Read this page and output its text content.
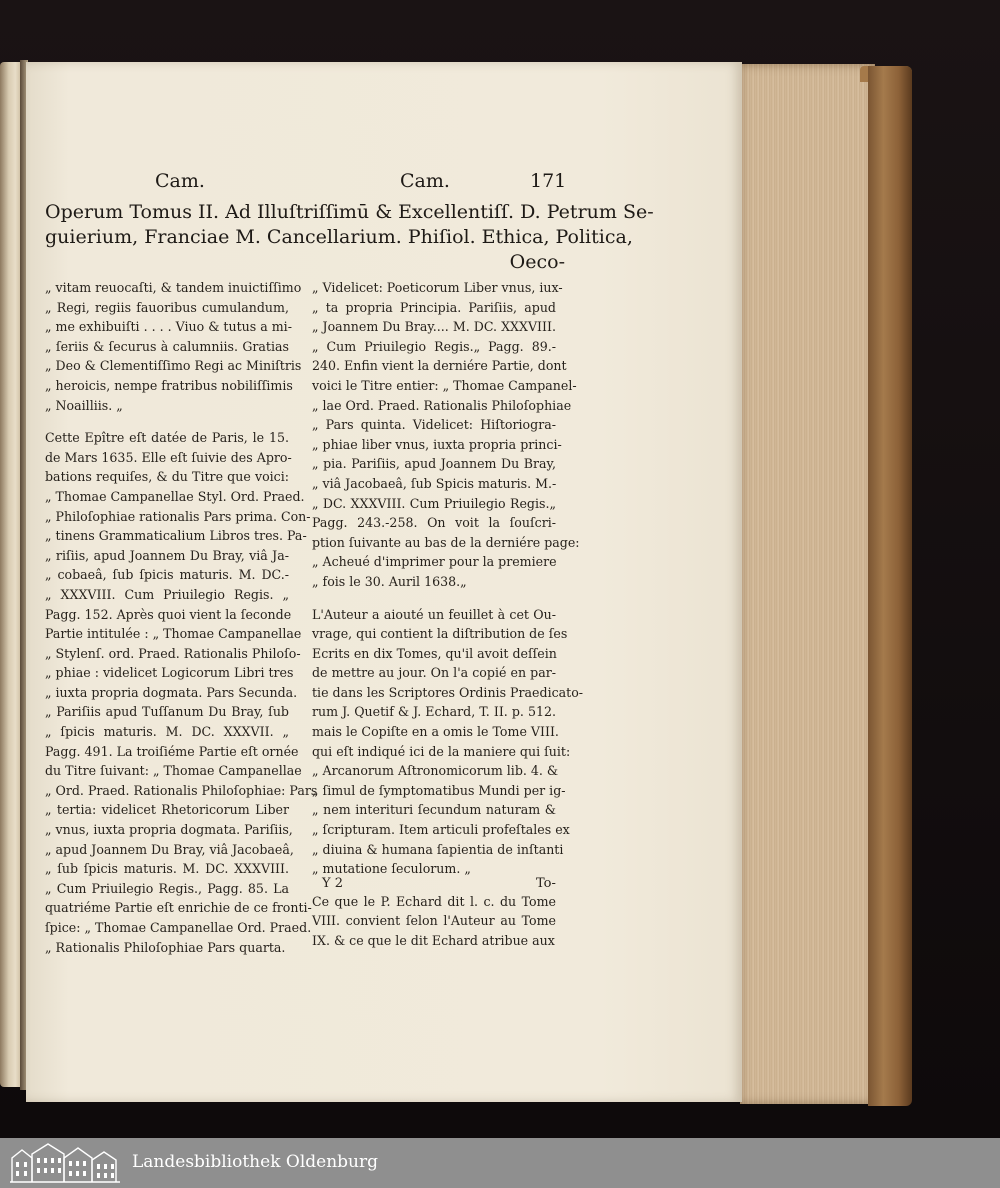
Cam.	Cam.	171
Operum Tomus II. Ad Illuſtriſſimū & Excellentiſſ. D. Petrum Se-
guierium, Franciae M. Cancellarium. Phiſiol. Ethica, Politica,
Oeco-
„ vitam reuocaſti, & tandem inuictiſſimo
„ Regi, regiis fauoribus cumulandum,
„ me exhibuiſti . . . . Viuo & tutus a mi-
„ ſeriis & ſecurus à calumniis. Gratias
„ Deo & Clementiſſimo Regi ac Miniſtris
„ heroicis, nempe fratribus nobiliſſimis
„ Noailliis. „
Cette Epître eſt datée de Paris, le 15.
de Mars 1635. Elle eſt ſuivie des Apro-
bations requiſes, & du Titre que voici:
„ Thomae Campanellae Styl. Ord. Praed.
„ Philoſophiae rationalis Pars prima. Con-
„ tinens Grammaticalium Libros tres. Pa-
„ riſiis, apud Joannem Du Bray, viâ Ja-
„ cobaeâ, ſub ſpicis maturis. M. DC.-
„ XXXVIII. Cum Priuilegio Regis. „
Pagg. 152. Après quoi vient la ſeconde
Partie intitulée : „ Thomae Campanellae
„ Stylenſ. ord. Praed. Rationalis Philoſo-
„ phiae : videlicet Logicorum Libri tres
„ iuxta propria dogmata. Pars Secunda.
„ Pariſiis apud Tuſſanum Du Bray, ſub
„ ſpicis maturis. M. DC. XXXVII. „
Pagg. 491. La troiſiéme Partie eſt ornée
du Titre ſuivant: „ Thomae Campanellae
„ Ord. Praed. Rationalis Philoſophiae: Pars
„ tertia: videlicet Rhetoricorum Liber
„ vnus, iuxta propria dogmata. Pariſiis,
„ apud Joannem Du Bray, viâ Jacobaeâ,
„ ſub ſpicis maturis. M. DC. XXXVIII.
„ Cum Priuilegio Regis., Pagg. 85. La
quatriéme Partie eſt enrichie de ce fronti-
ſpice: „ Thomae Campanellae Ord. Praed.
„ Rationalis Philoſophiae Pars quarta.
„ Videlicet: Poeticorum Liber vnus, iux-
„ ta propria Principia. Pariſiis, apud
„ Joannem Du Bray.... M. DC. XXXVIII.
„ Cum Priuilegio Regis.„ Pagg. 89.-
240. Enfin vient la derniére Partie, dont
voici le Titre entier: „ Thomae Campanel-
„ lae Ord. Praed. Rationalis Philoſophiae
„ Pars quinta. Videlicet: Hiſtoriogra-
„ phiae liber vnus, iuxta propria princi-
„ pia. Pariſiis, apud Joannem Du Bray,
„ viâ Jacobaeâ, ſub Spicis maturis. M.-
„ DC. XXXVIII. Cum Priuilegio Regis.„
Pagg. 243.-258. On voit la ſouſcri-
ption ſuivante au bas de la derniére page:
„ Acheué d'imprimer pour la premiere
„ fois le 30. Auril 1638.„
L'Auteur a aiouté un feuillet à cet Ou-
vrage, qui contient la diſtribution de ſes
Ecrits en dix Tomes, qu'il avoit deſſein
de mettre au jour. On l'a copié en par-
tie dans les Scriptores Ordinis Praedicato-
rum J. Quetif & J. Echard, T. II. p. 512.
mais le Copiſte en a omis le Tome VIII.
qui eſt indiqué ici de la maniere qui ſuit:
„ Arcanorum Aſtronomicorum lib. 4. &
„ ſimul de ſymptomatibus Mundi per ig-
„ nem interituri ſecundum naturam &
„ ſcripturam. Item articuli profeſtales ex
„ diuina & humana ſapientia de inſtanti
„ mutatione ſeculorum. „
Ce que le P. Echard dit l. c. du Tome
VIII. convient ſelon l'Auteur au Tome
IX. & ce que le dit Echard atribue aux
Y 2	To-
Landesbibliothek Oldenburg
